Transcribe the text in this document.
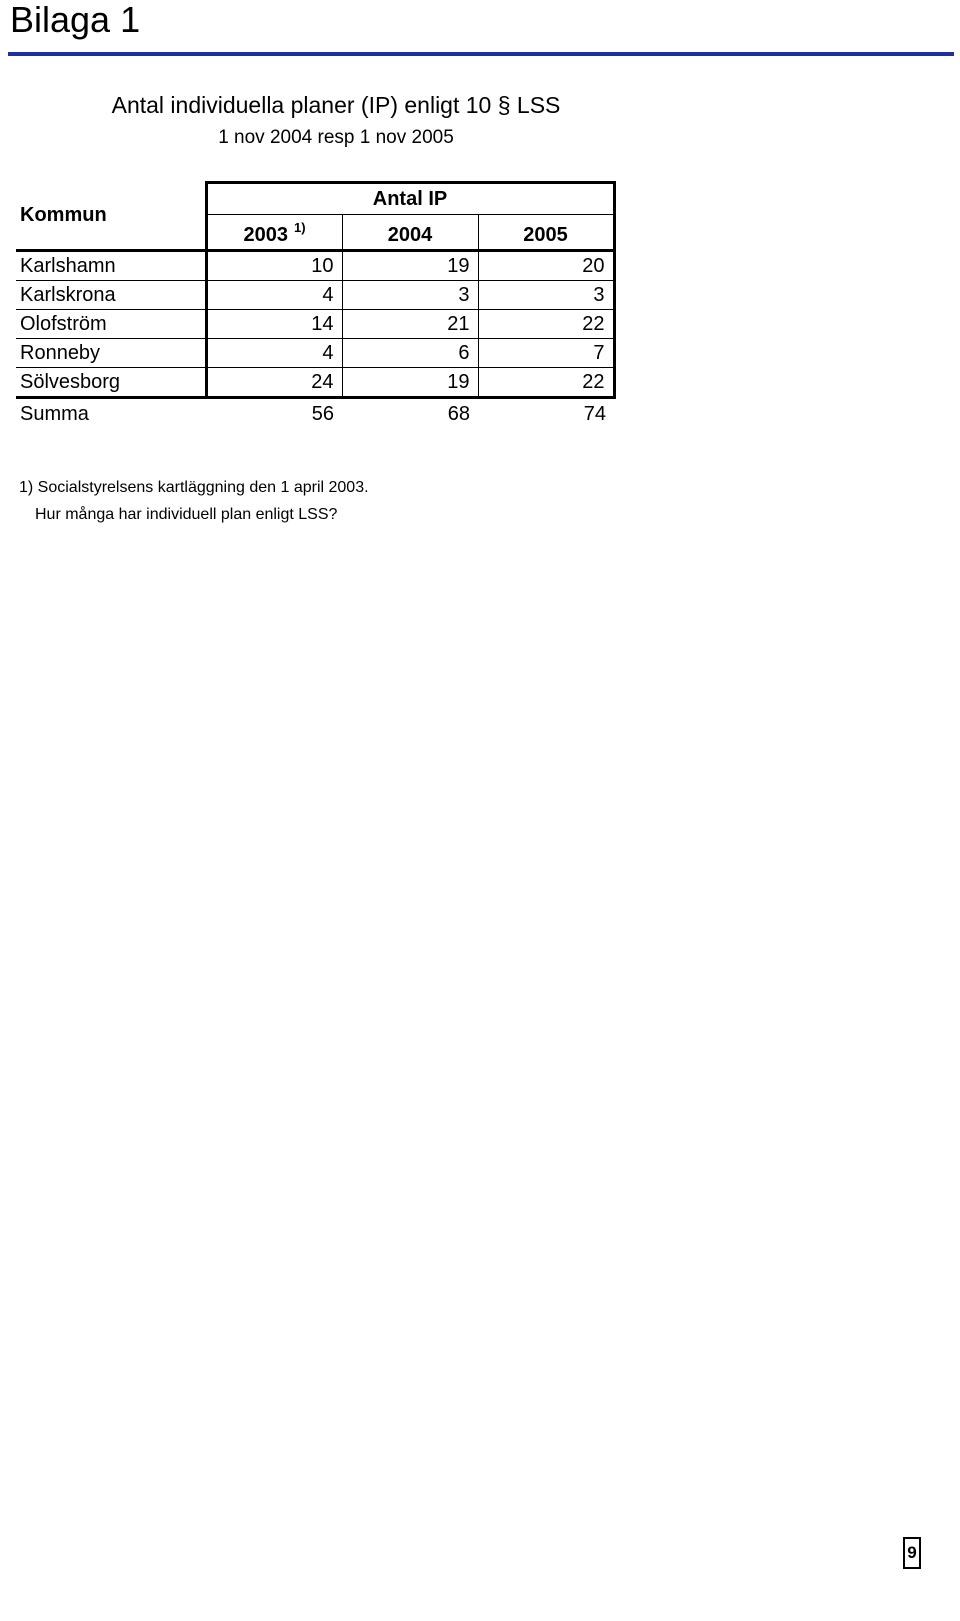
Bilaga 1
Antal individuella planer (IP) enligt 10 § LSS
1 nov 2004 resp 1 nov 2005
Kommun	Antal IP		
	2003 $^{1)}$	2004	2005
Karlshamn	10	19	20
Karlskrona	4	3	3
Olofström	14	21	22
Ronneby	4	6	7
Sölvesborg	24	19	22
Summa	56	68	74
1) Socialstyrelsens kartläggning den 1 april 2003.
Hur många har individuell plan enligt LSS?
9
